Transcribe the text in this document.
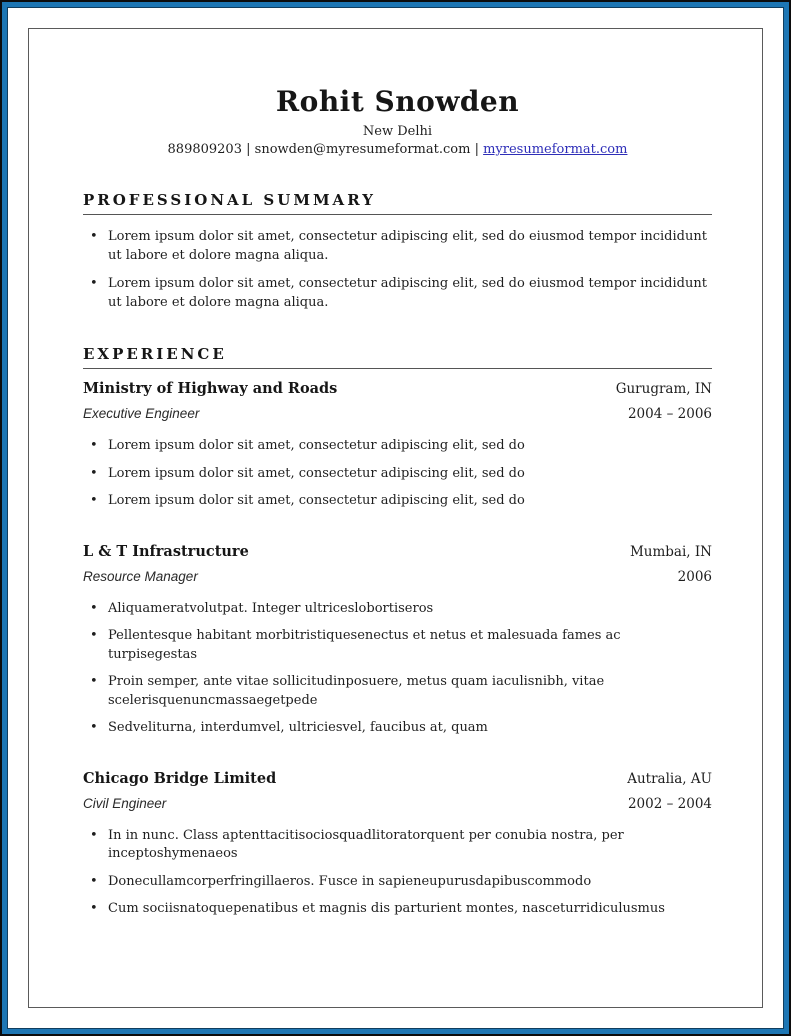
Rohit Snowden
New Delhi
889809203 | snowden@myresumeformat.com | myresumeformat.com
PROFESSIONAL SUMMARY
• Lorem ipsum dolor sit amet, consectetur adipiscing elit, sed do eiusmod tempor incididunt ut labore et dolore magna aliqua.
• Lorem ipsum dolor sit amet, consectetur adipiscing elit, sed do eiusmod tempor incididunt ut labore et dolore magna aliqua.
EXPERIENCE
Ministry of Highway and Roads	Gurugram, IN
Executive Engineer	2004 – 2006
• Lorem ipsum dolor sit amet, consectetur adipiscing elit, sed do
• Lorem ipsum dolor sit amet, consectetur adipiscing elit, sed do
• Lorem ipsum dolor sit amet, consectetur adipiscing elit, sed do
L & T Infrastructure	Mumbai, IN
Resource Manager	2006
• Aliquameratvolutpat. Integer ultriceslobortiseros
• Pellentesque habitant morbitristiquesenectus et netus et malesuada fames ac turpisegestas
• Proin semper, ante vitae sollicitudinposuere, metus quam iaculisnibh, vitae scelerisquenuncmassaegetpede
• Sedveliturna, interdumvel, ultriciesvel, faucibus at, quam
Chicago Bridge Limited	Autralia, AU
Civil Engineer	2002 – 2004
• In in nunc. Class aptenttacitisociosquadlitoratorquent per conubia nostra, per inceptoshymenaeos
• Donecullamcorperfringillaeros. Fusce in sapieneupurusdapibuscommodo
• Cum sociisnatoquepenatibus et magnis dis parturient montes, nasceturridiculusmus
